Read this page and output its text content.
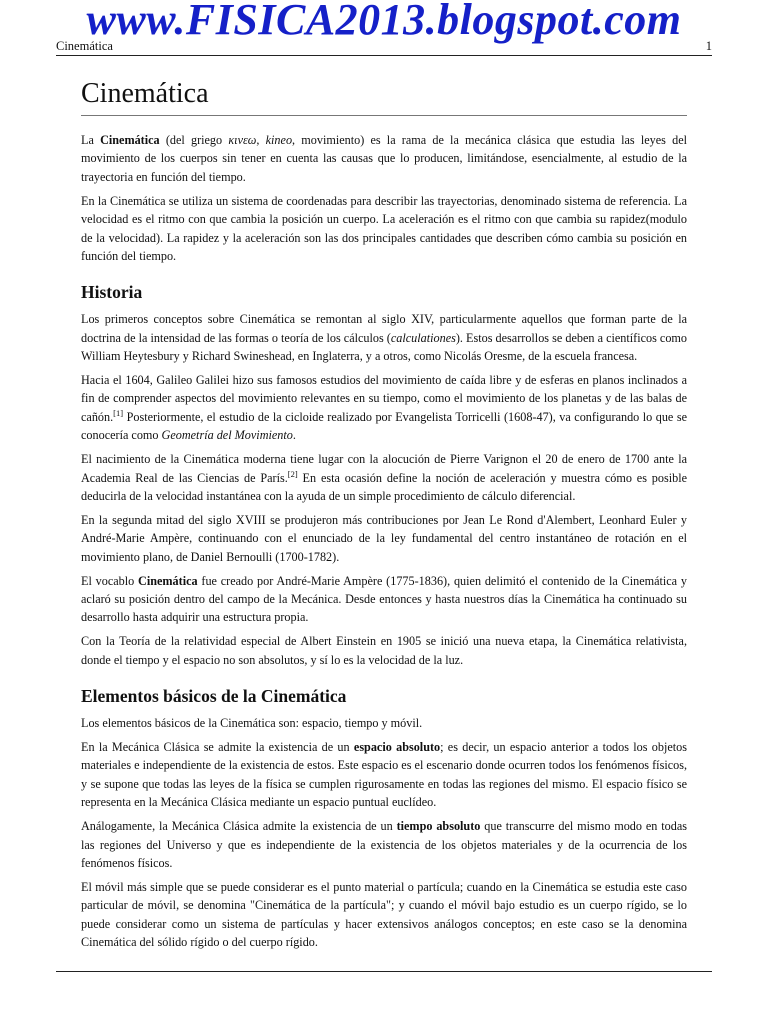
www.FISICA2013.blogspot.com
Cinemática	1
Cinemática

La Cinemática (del griego κινεω, kineo, movimiento) es la rama de la mecánica clásica que estudia las leyes del movimiento de los cuerpos sin tener en cuenta las causas que lo producen, limitándose, esencialmente, al estudio de la trayectoria en función del tiempo.

En la Cinemática se utiliza un sistema de coordenadas para describir las trayectorias, denominado sistema de referencia. La velocidad es el ritmo con que cambia la posición un cuerpo. La aceleración es el ritmo con que cambia su rapidez(modulo de la velocidad). La rapidez y la aceleración son las dos principales cantidades que describen cómo cambia su posición en función del tiempo.

Historia

Los primeros conceptos sobre Cinemática se remontan al siglo XIV, particularmente aquellos que forman parte de la doctrina de la intensidad de las formas o teoría de los cálculos (calculationes). Estos desarrollos se deben a científicos como William Heytesbury y Richard Swineshead, en Inglaterra, y a otros, como Nicolás Oresme, de la escuela francesa.

Hacia el 1604, Galileo Galilei hizo sus famosos estudios del movimiento de caída libre y de esferas en planos inclinados a fin de comprender aspectos del movimiento relevantes en su tiempo, como el movimiento de los planetas y de las balas de cañón.[1] Posteriormente, el estudio de la cicloide realizado por Evangelista Torricelli (1608-47), va configurando lo que se conocería como Geometría del Movimiento.

El nacimiento de la Cinemática moderna tiene lugar con la alocución de Pierre Varignon el 20 de enero de 1700 ante la Academia Real de las Ciencias de París.[2] En esta ocasión define la noción de aceleración y muestra cómo es posible deducirla de la velocidad instantánea con la ayuda de un simple procedimiento de cálculo diferencial.

En la segunda mitad del siglo XVIII se produjeron más contribuciones por Jean Le Rond d'Alembert, Leonhard Euler y André-Marie Ampère, continuando con el enunciado de la ley fundamental del centro instantáneo de rotación en el movimiento plano, de Daniel Bernoulli (1700-1782).

El vocablo Cinemática fue creado por André-Marie Ampère (1775-1836), quien delimitó el contenido de la Cinemática y aclaró su posición dentro del campo de la Mecánica. Desde entonces y hasta nuestros días la Cinemática ha continuado su desarrollo hasta adquirir una estructura propia.

Con la Teoría de la relatividad especial de Albert Einstein en 1905 se inició una nueva etapa, la Cinemática relativista, donde el tiempo y el espacio no son absolutos, y sí lo es la velocidad de la luz.

Elementos básicos de la Cinemática

Los elementos básicos de la Cinemática son: espacio, tiempo y móvil.

En la Mecánica Clásica se admite la existencia de un espacio absoluto; es decir, un espacio anterior a todos los objetos materiales e independiente de la existencia de estos. Este espacio es el escenario donde ocurren todos los fenómenos físicos, y se supone que todas las leyes de la física se cumplen rigurosamente en todas las regiones del mismo. El espacio físico se representa en la Mecánica Clásica mediante un espacio puntual euclídeo.

Análogamente, la Mecánica Clásica admite la existencia de un tiempo absoluto que transcurre del mismo modo en todas las regiones del Universo y que es independiente de la existencia de los objetos materiales y de la ocurrencia de los fenómenos físicos.

El móvil más simple que se puede considerar es el punto material o partícula; cuando en la Cinemática se estudia este caso particular de móvil, se denomina "Cinemática de la partícula"; y cuando el móvil bajo estudio es un cuerpo rígido, se lo puede considerar como un sistema de partículas y hacer extensivos análogos conceptos; en este caso se la denomina Cinemática del sólido rígido o del cuerpo rígido.
